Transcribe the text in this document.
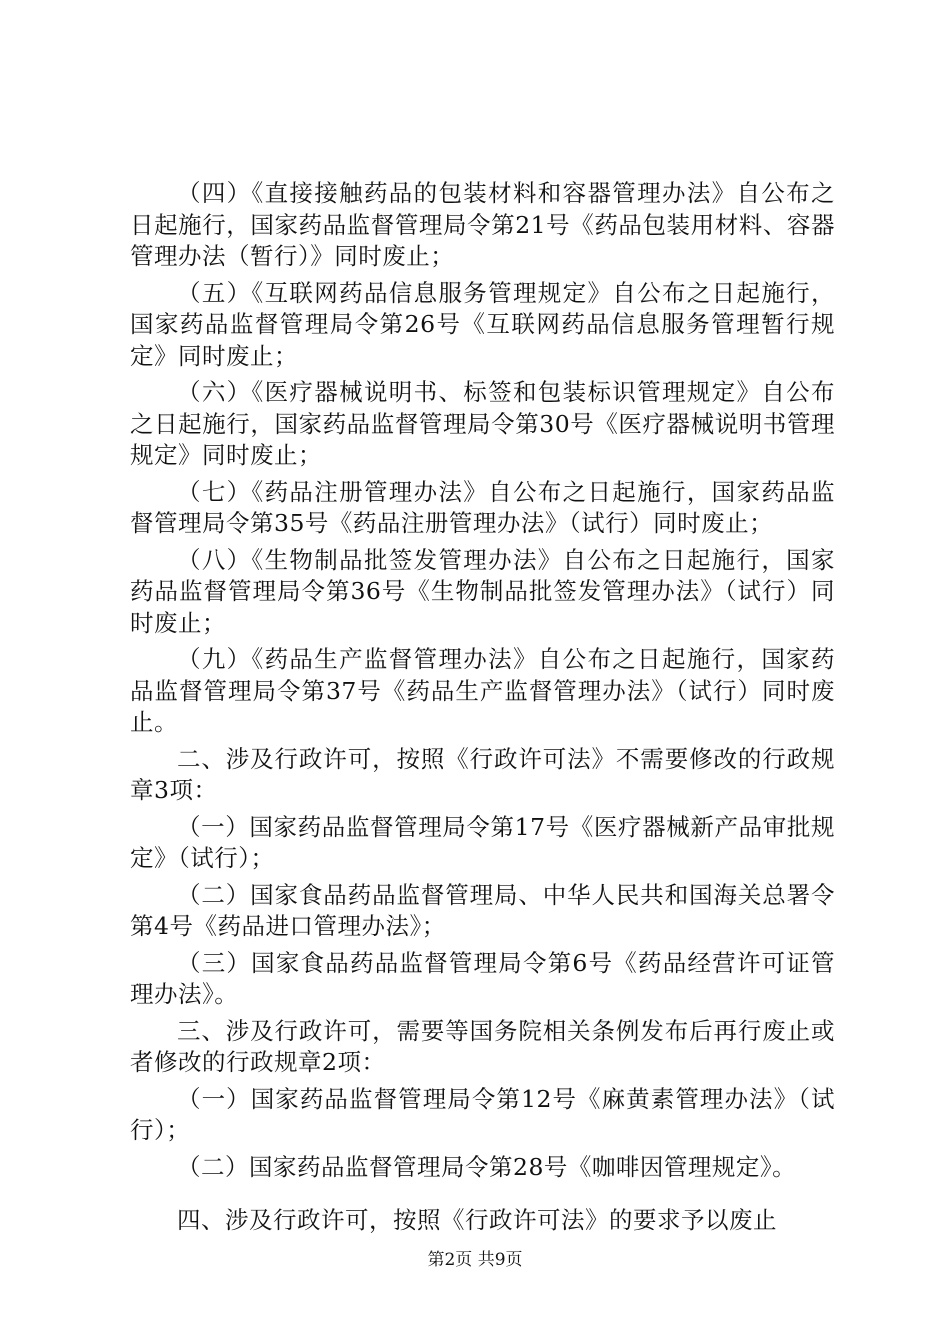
（四）《直接接触药品的包装材料和容器管理办法》自公布之日起施行，国家药品监督管理局令第21号《药品包装用材料、容器管理办法（暂行）》同时废止；

（五）《互联网药品信息服务管理规定》自公布之日起施行，国家药品监督管理局令第26号《互联网药品信息服务管理暂行规定》同时废止；

（六）《医疗器械说明书、标签和包装标识管理规定》自公布之日起施行，国家药品监督管理局令第30号《医疗器械说明书管理规定》同时废止；

（七）《药品注册管理办法》自公布之日起施行，国家药品监督管理局令第35号《药品注册管理办法》（试行）同时废止；

（八）《生物制品批签发管理办法》自公布之日起施行，国家药品监督管理局令第36号《生物制品批签发管理办法》（试行）同时废止；

（九）《药品生产监督管理办法》自公布之日起施行，国家药品监督管理局令第37号《药品生产监督管理办法》（试行）同时废止。

二、涉及行政许可，按照《行政许可法》不需要修改的行政规章3项：

（一）国家药品监督管理局令第17号《医疗器械新产品审批规定》（试行）；

（二）国家食品药品监督管理局、中华人民共和国海关总署令第4号《药品进口管理办法》；

（三）国家食品药品监督管理局令第6号《药品经营许可证管理办法》。

三、涉及行政许可，需要等国务院相关条例发布后再行废止或者修改的行政规章2项：

（一）国家药品监督管理局令第12号《麻黄素管理办法》（试行）；

（二）国家药品监督管理局令第28号《咖啡因管理规定》。

四、涉及行政许可，按照《行政许可法》的要求予以废止

第2页 共9页
